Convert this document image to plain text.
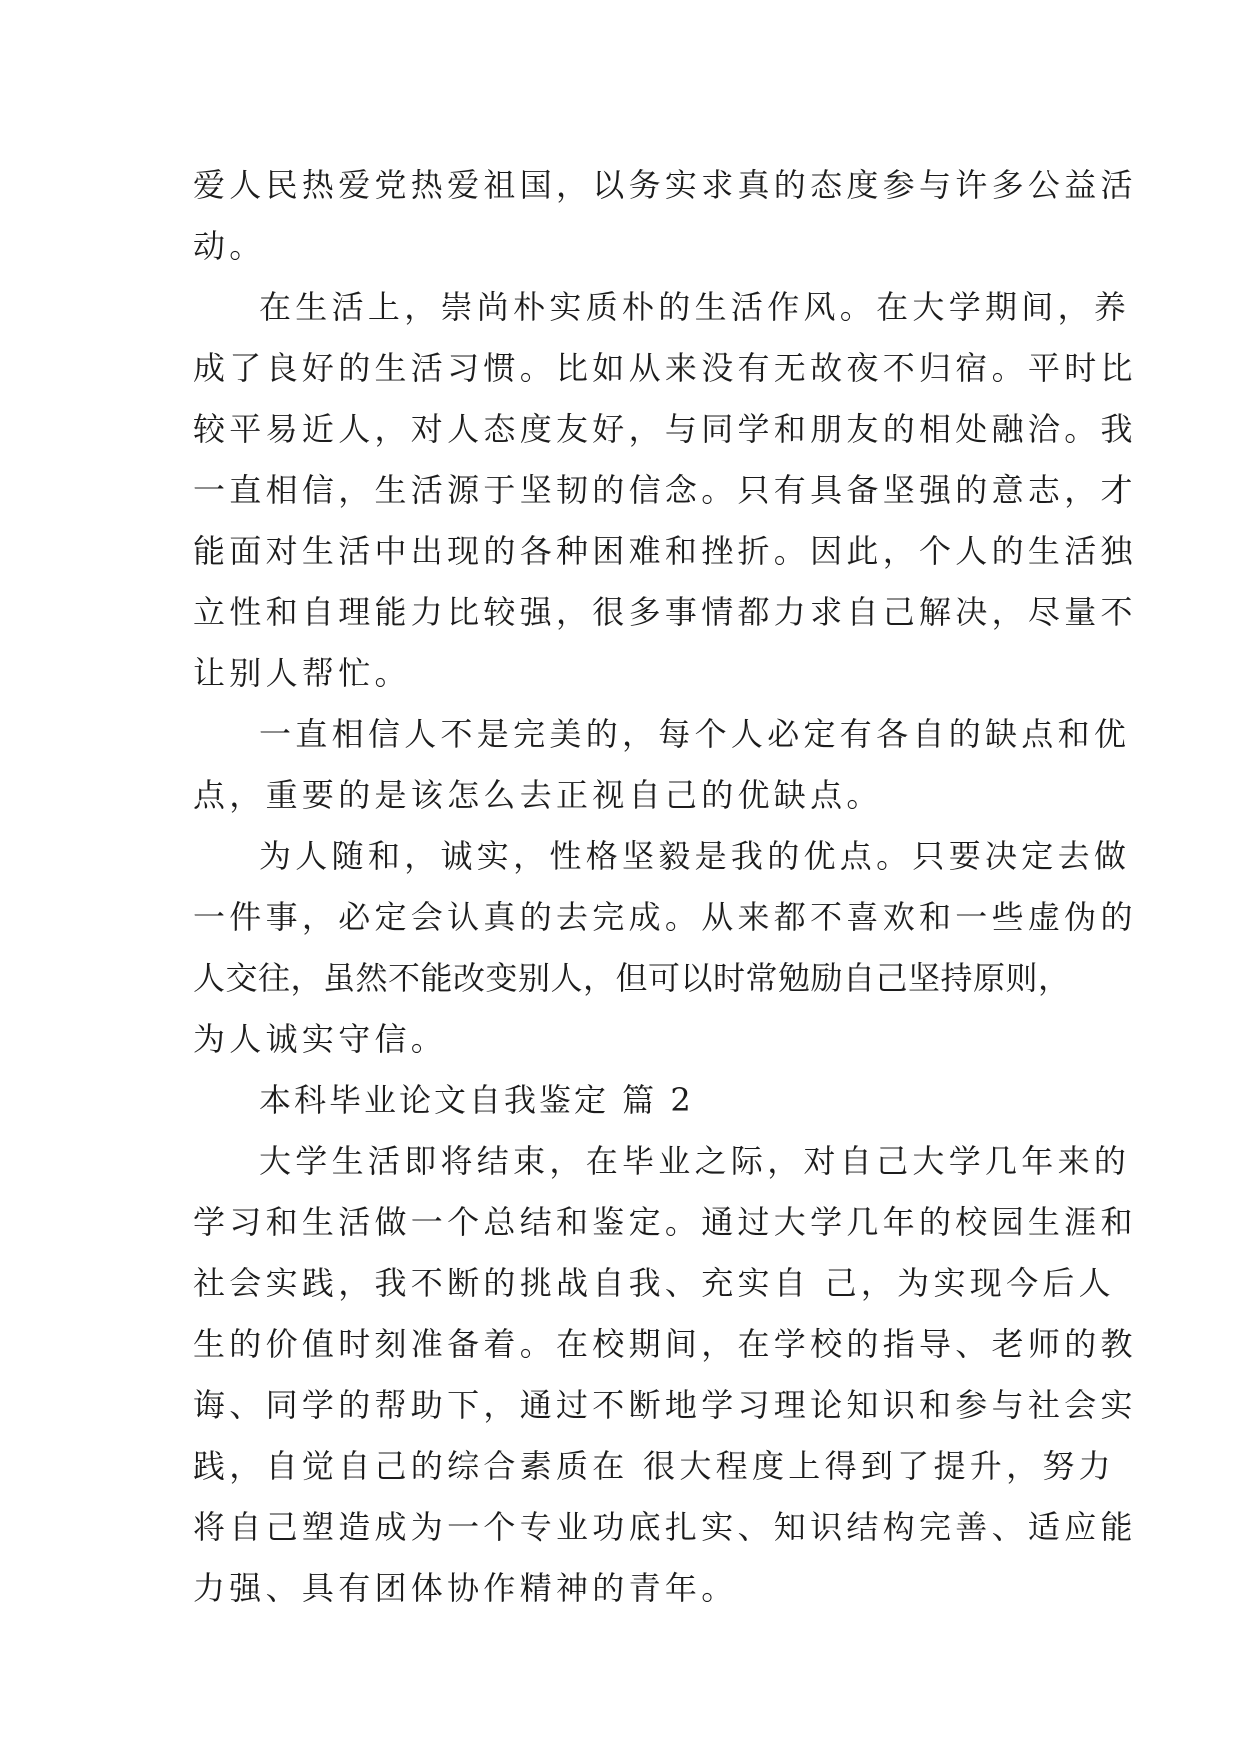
爱人民热爱党热爱祖国，以务实求真的态度参与许多公益活
动。
在生活上，崇尚朴实质朴的生活作风。在大学期间，养
成了良好的生活习惯。比如从来没有无故夜不归宿。平时比
较平易近人，对人态度友好，与同学和朋友的相处融洽。我
一直相信，生活源于坚韧的信念。只有具备坚强的意志，才
能面对生活中出现的各种困难和挫折。因此，个人的生活独
立性和自理能力比较强，很多事情都力求自己解决，尽量不
让别人帮忙。
一直相信人不是完美的，每个人必定有各自的缺点和优
点，重要的是该怎么去正视自己的优缺点。
为人随和，诚实，性格坚毅是我的优点。只要决定去做
一件事，必定会认真的去完成。从来都不喜欢和一些虚伪的
人交往，虽然不能改变别人，但可以时常勉励自己坚持原则，
为人诚实守信。
本科毕业论文自我鉴定 篇 2
大学生活即将结束，在毕业之际，对自己大学几年来的
学习和生活做一个总结和鉴定。通过大学几年的校园生涯和
社会实践，我不断的挑战自我、充实自 己，为实现今后人
生的价值时刻准备着。在校期间，在学校的指导、老师的教
诲、同学的帮助下，通过不断地学习理论知识和参与社会实
践，自觉自己的综合素质在 很大程度上得到了提升，努力
将自己塑造成为一个专业功底扎实、知识结构完善、适应能
力强、具有团体协作精神的青年。
